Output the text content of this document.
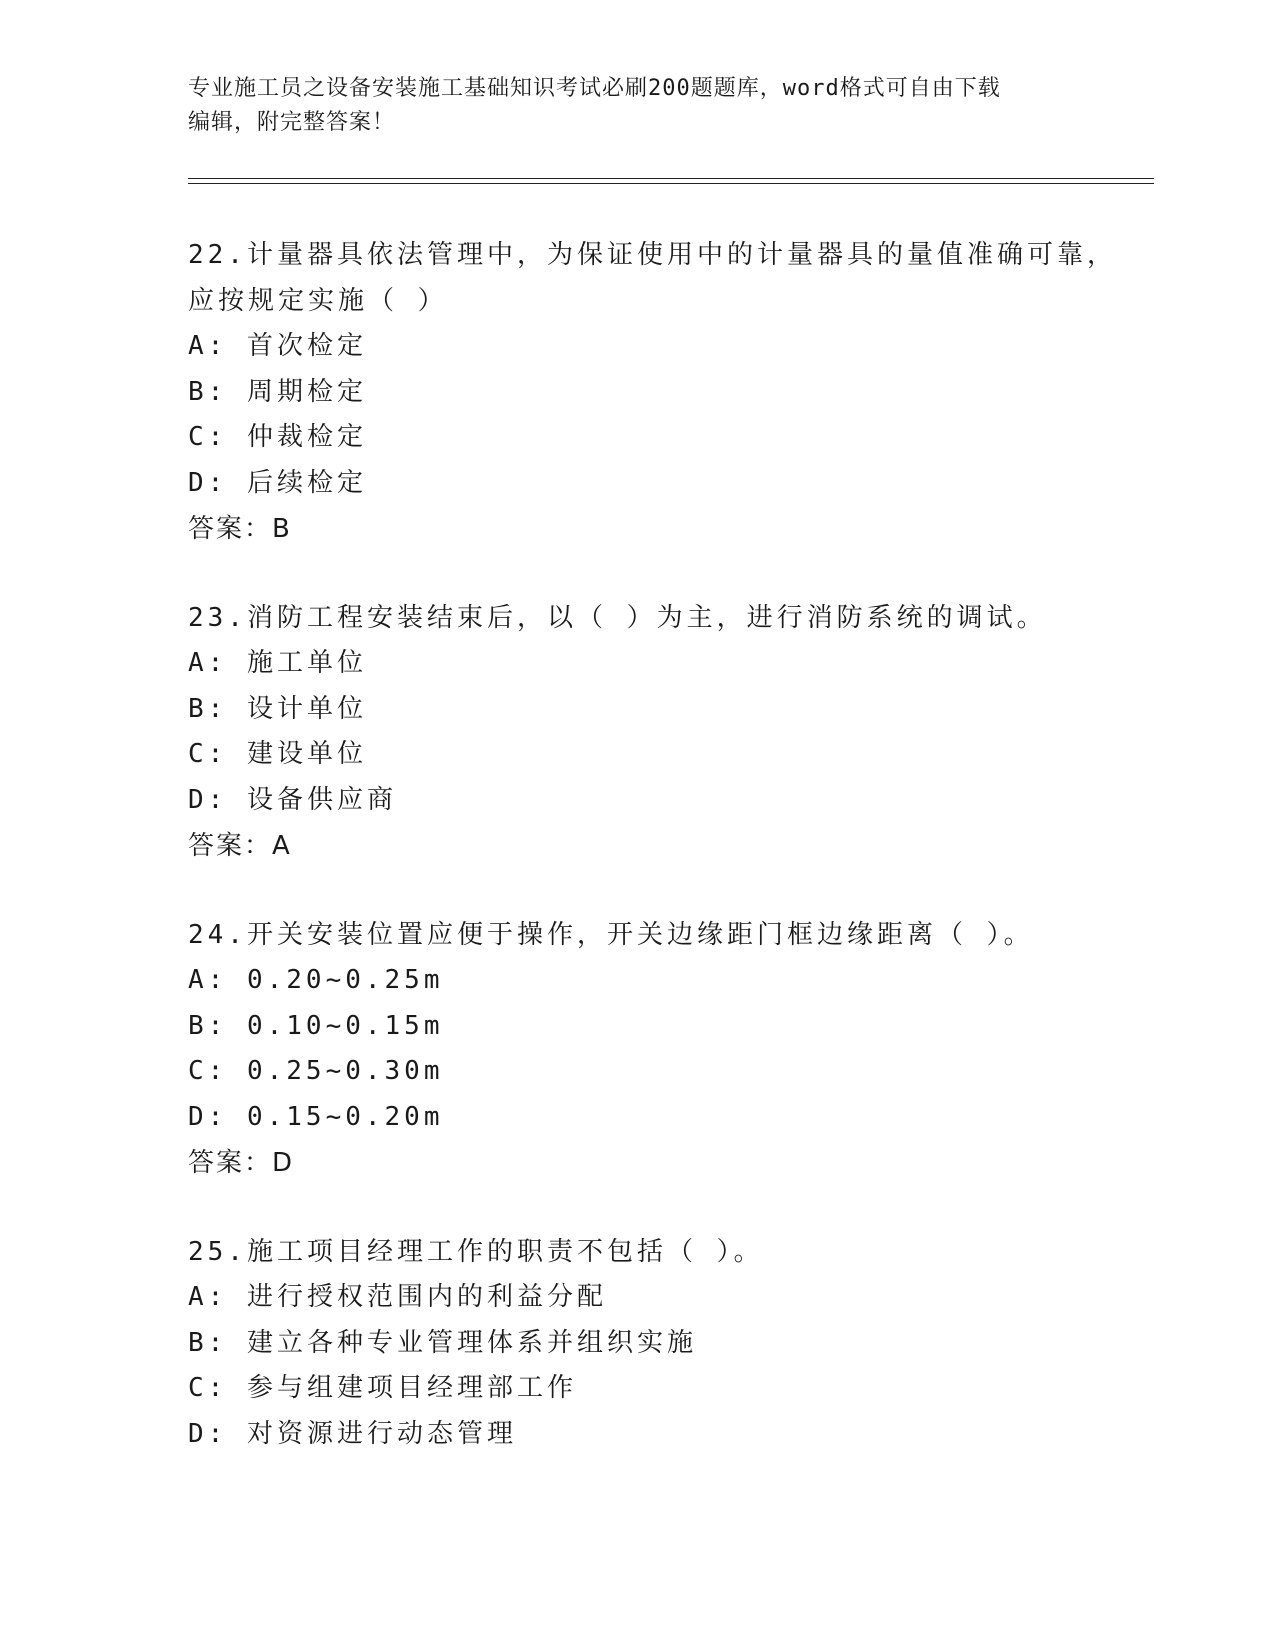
专业施工员之设备安装施工基础知识考试必刷200题题库，word格式可自由下载
编辑，附完整答案！
22.计量器具依法管理中，为保证使用中的计量器具的量值准确可靠，
应按规定实施（ ）
A: 首次检定
B: 周期检定
C: 仲裁检定
D: 后续检定
答案：B
23.消防工程安装结束后，以（ ）为主，进行消防系统的调试。
A: 施工单位
B: 设计单位
C: 建设单位
D: 设备供应商
答案：A
24.开关安装位置应便于操作，开关边缘距门框边缘距离（ ）。
A: 0.20~0.25m
B: 0.10~0.15m
C: 0.25~0.30m
D: 0.15~0.20m
答案：D
25.施工项目经理工作的职责不包括（ ）。
A: 进行授权范围内的利益分配
B: 建立各种专业管理体系并组织实施
C: 参与组建项目经理部工作
D: 对资源进行动态管理
